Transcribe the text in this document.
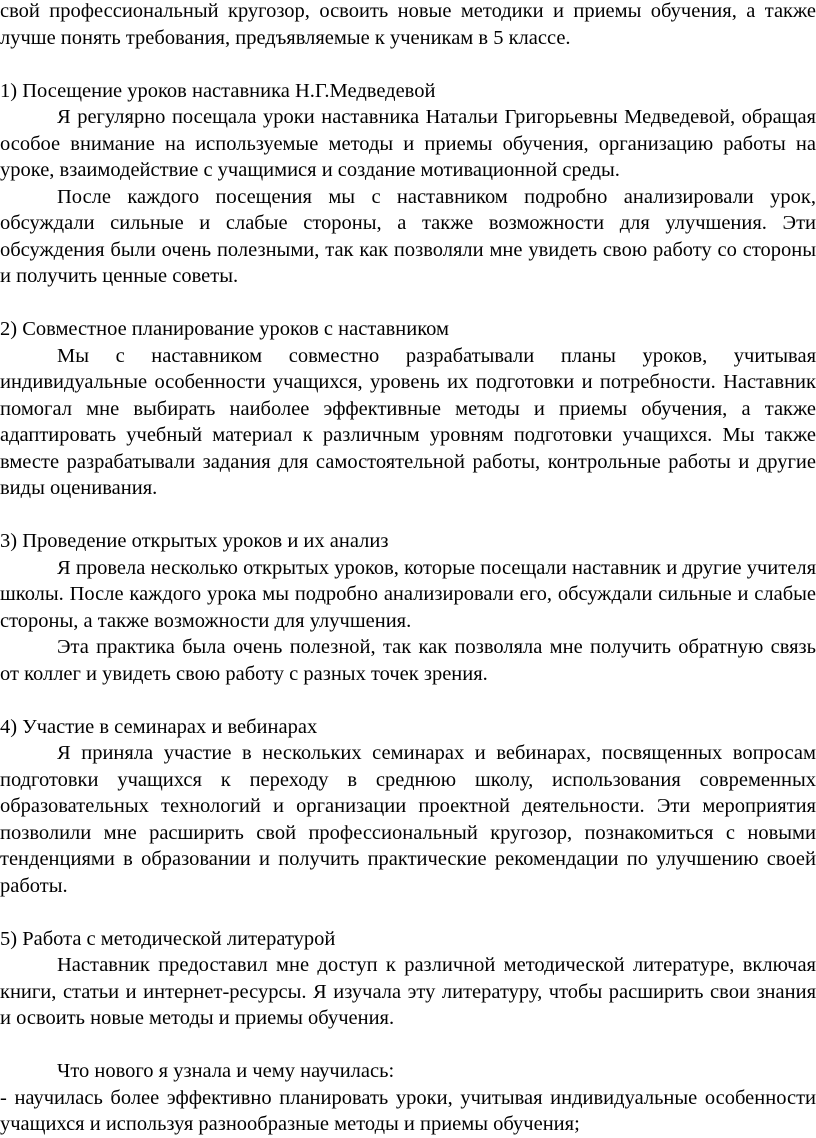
свой профессиональный кругозор, освоить новые методики и приемы обучения, а также лучше понять требования, предъявляемые к ученикам в 5 классе.

1) Посещение уроков наставника Н.Г.Медведевой

Я регулярно посещала уроки наставника Натальи Григорьевны Медведевой, обращая особое внимание на используемые методы и приемы обучения, организацию работы на уроке, взаимодействие с учащимися и создание мотивационной среды.

После каждого посещения мы с наставником подробно анализировали урок, обсуждали сильные и слабые стороны, а также возможности для улучшения. Эти обсуждения были очень полезными, так как позволяли мне увидеть свою работу со стороны и получить ценные советы.

2) Совместное планирование уроков с наставником

Мы с наставником совместно разрабатывали планы уроков, учитывая индивидуальные особенности учащихся, уровень их подготовки и потребности. Наставник помогал мне выбирать наиболее эффективные методы и приемы обучения, а также адаптировать учебный материал к различным уровням подготовки учащихся. Мы также вместе разрабатывали задания для самостоятельной работы, контрольные работы и другие виды оценивания.

3) Проведение открытых уроков и их анализ

Я провела несколько открытых уроков, которые посещали наставник и другие учителя школы. После каждого урока мы подробно анализировали его, обсуждали сильные и слабые стороны, а также возможности для улучшения.

Эта практика была очень полезной, так как позволяла мне получить обратную связь от коллег и увидеть свою работу с разных точек зрения.

4) Участие в семинарах и вебинарах

Я приняла участие в нескольких семинарах и вебинарах, посвященных вопросам подготовки учащихся к переходу в среднюю школу, использования современных образовательных технологий и организации проектной деятельности. Эти мероприятия позволили мне расширить свой профессиональный кругозор, познакомиться с новыми тенденциями в образовании и получить практические рекомендации по улучшению своей работы.

5) Работа с методической литературой

Наставник предоставил мне доступ к различной методической литературе, включая книги, статьи и интернет-ресурсы. Я изучала эту литературу, чтобы расширить свои знания и освоить новые методы и приемы обучения.

Что нового я узнала и чему научилась:

- научилась более эффективно планировать уроки, учитывая индивидуальные особенности учащихся и используя разнообразные методы и приемы обучения;
